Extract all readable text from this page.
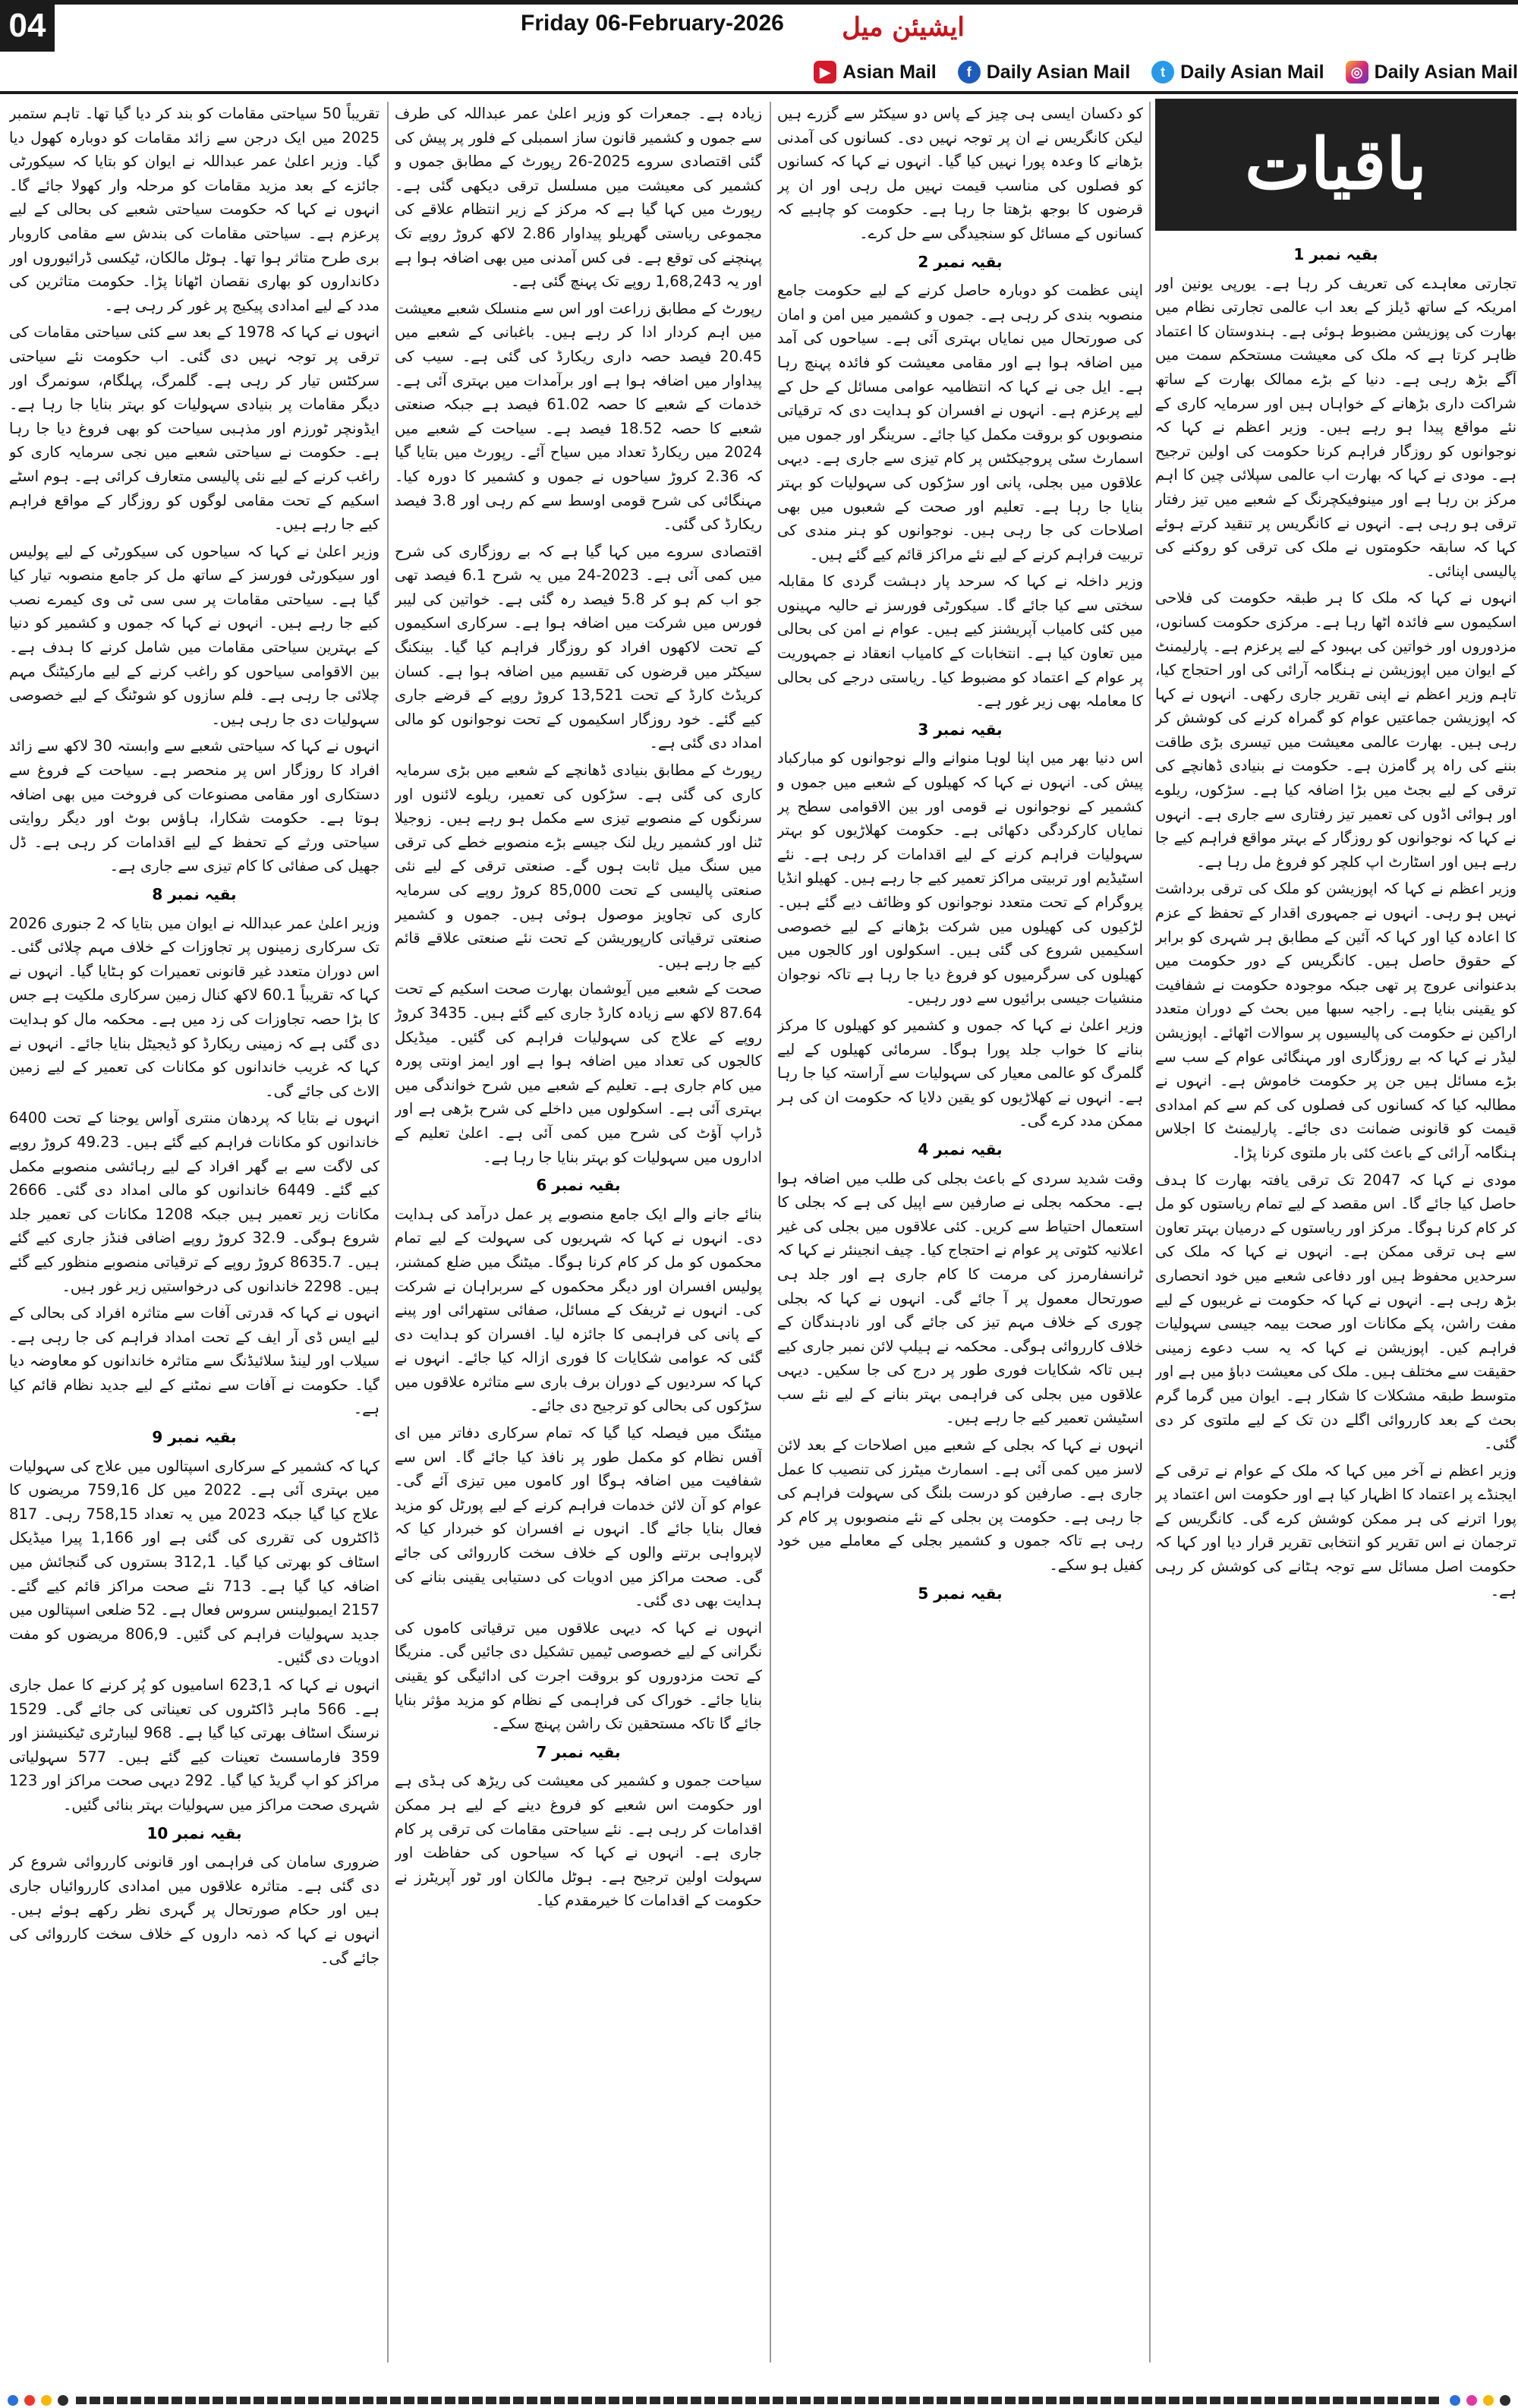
04	Friday 06-February-2026	ایشیئن میل
▶ Asian Mail	f Daily Asian Mail	t Daily Asian Mail	◎ Daily Asian Mail
باقیات
بقیہ نمبر 1

تجارتی معاہدے کی تعریف کر رہا ہے۔ یورپی یونین اور امریکہ کے ساتھ ڈیلز کے بعد اب عالمی تجارتی نظام میں بھارت کی پوزیشن مضبوط ہوئی ہے۔ ہندوستان کا اعتماد ظاہر کرتا ہے کہ ملک کی معیشت مستحکم سمت میں آگے بڑھ رہی ہے۔ دنیا کے بڑے ممالک بھارت کے ساتھ شراکت داری بڑھانے کے خواہاں ہیں اور سرمایہ کاری کے نئے مواقع پیدا ہو رہے ہیں۔ وزیر اعظم نے کہا کہ نوجوانوں کو روزگار فراہم کرنا حکومت کی اولین ترجیح ہے۔ مودی نے کہا کہ بھارت اب عالمی سپلائی چین کا اہم مرکز بن رہا ہے اور مینوفیکچرنگ کے شعبے میں تیز رفتار ترقی ہو رہی ہے۔ انہوں نے کانگریس پر تنقید کرتے ہوئے کہا کہ سابقہ حکومتوں نے ملک کی ترقی کو روکنے کی پالیسی اپنائی۔

انہوں نے کہا کہ ملک کا ہر طبقہ حکومت کی فلاحی اسکیموں سے فائدہ اٹھا رہا ہے۔ مرکزی حکومت کسانوں، مزدوروں اور خواتین کی بہبود کے لیے پرعزم ہے۔ پارلیمنٹ کے ایوان میں اپوزیشن نے ہنگامہ آرائی کی اور احتجاج کیا، تاہم وزیر اعظم نے اپنی تقریر جاری رکھی۔ انہوں نے کہا کہ اپوزیشن جماعتیں عوام کو گمراہ کرنے کی کوشش کر رہی ہیں۔ بھارت عالمی معیشت میں تیسری بڑی طاقت بننے کی راہ پر گامزن ہے۔ حکومت نے بنیادی ڈھانچے کی ترقی کے لیے بجٹ میں بڑا اضافہ کیا ہے۔ سڑکوں، ریلوے اور ہوائی اڈوں کی تعمیر تیز رفتاری سے جاری ہے۔ انہوں نے کہا کہ نوجوانوں کو روزگار کے بہتر مواقع فراہم کیے جا رہے ہیں اور اسٹارٹ اپ کلچر کو فروغ مل رہا ہے۔

وزیر اعظم نے کہا کہ اپوزیشن کو ملک کی ترقی برداشت نہیں ہو رہی۔ انہوں نے جمہوری اقدار کے تحفظ کے عزم کا اعادہ کیا اور کہا کہ آئین کے مطابق ہر شہری کو برابر کے حقوق حاصل ہیں۔ کانگریس کے دور حکومت میں بدعنوانی عروج پر تھی جبکہ موجودہ حکومت نے شفافیت کو یقینی بنایا ہے۔ راجیہ سبھا میں بحث کے دوران متعدد اراکین نے حکومت کی پالیسیوں پر سوالات اٹھائے۔ اپوزیشن لیڈر نے کہا کہ بے روزگاری اور مہنگائی عوام کے سب سے بڑے مسائل ہیں جن پر حکومت خاموش ہے۔ انہوں نے مطالبہ کیا کہ کسانوں کی فصلوں کی کم سے کم امدادی قیمت کو قانونی ضمانت دی جائے۔ پارلیمنٹ کا اجلاس ہنگامہ آرائی کے باعث کئی بار ملتوی کرنا پڑا۔

مودی نے کہا کہ 2047 تک ترقی یافتہ بھارت کا ہدف حاصل کیا جائے گا۔ اس مقصد کے لیے تمام ریاستوں کو مل کر کام کرنا ہوگا۔ مرکز اور ریاستوں کے درمیان بہتر تعاون سے ہی ترقی ممکن ہے۔ انہوں نے کہا کہ ملک کی سرحدیں محفوظ ہیں اور دفاعی شعبے میں خود انحصاری بڑھ رہی ہے۔ انہوں نے کہا کہ حکومت نے غریبوں کے لیے مفت راشن، پکے مکانات اور صحت بیمہ جیسی سہولیات فراہم کیں۔ اپوزیشن نے کہا کہ یہ سب دعوے زمینی حقیقت سے مختلف ہیں۔ ملک کی معیشت دباؤ میں ہے اور متوسط طبقہ مشکلات کا شکار ہے۔ ایوان میں گرما گرم بحث کے بعد کارروائی اگلے دن تک کے لیے ملتوی کر دی گئی۔

وزیر اعظم نے آخر میں کہا کہ ملک کے عوام نے ترقی کے ایجنڈے پر اعتماد کا اظہار کیا ہے اور حکومت اس اعتماد پر پورا اترنے کی ہر ممکن کوشش کرے گی۔ کانگریس کے ترجمان نے اس تقریر کو انتخابی تقریر قرار دیا اور کہا کہ حکومت اصل مسائل سے توجہ ہٹانے کی کوشش کر رہی ہے۔

کو دکسان ایسی ہی چیز کے پاس دو سیکٹر سے گزرے ہیں لیکن کانگریس نے ان پر توجہ نہیں دی۔ کسانوں کی آمدنی بڑھانے کا وعدہ پورا نہیں کیا گیا۔ انہوں نے کہا کہ کسانوں کو فصلوں کی مناسب قیمت نہیں مل رہی اور ان پر قرضوں کا بوجھ بڑھتا جا رہا ہے۔ حکومت کو چاہیے کہ کسانوں کے مسائل کو سنجیدگی سے حل کرے۔

بقیہ نمبر 2

اپنی عظمت کو دوبارہ حاصل کرنے کے لیے حکومت جامع منصوبہ بندی کر رہی ہے۔ جموں و کشمیر میں امن و امان کی صورتحال میں نمایاں بہتری آئی ہے۔ سیاحوں کی آمد میں اضافہ ہوا ہے اور مقامی معیشت کو فائدہ پہنچ رہا ہے۔ ایل جی نے کہا کہ انتظامیہ عوامی مسائل کے حل کے لیے پرعزم ہے۔ انہوں نے افسران کو ہدایت دی کہ ترقیاتی منصوبوں کو بروقت مکمل کیا جائے۔ سرینگر اور جموں میں اسمارٹ سٹی پروجیکٹس پر کام تیزی سے جاری ہے۔ دیہی علاقوں میں بجلی، پانی اور سڑکوں کی سہولیات کو بہتر بنایا جا رہا ہے۔ تعلیم اور صحت کے شعبوں میں بھی اصلاحات کی جا رہی ہیں۔ نوجوانوں کو ہنر مندی کی تربیت فراہم کرنے کے لیے نئے مراکز قائم کیے گئے ہیں۔

وزیر داخلہ نے کہا کہ سرحد پار دہشت گردی کا مقابلہ سختی سے کیا جائے گا۔ سیکورٹی فورسز نے حالیہ مہینوں میں کئی کامیاب آپریشنز کیے ہیں۔ عوام نے امن کی بحالی میں تعاون کیا ہے۔ انتخابات کے کامیاب انعقاد نے جمہوریت پر عوام کے اعتماد کو مضبوط کیا۔ ریاستی درجے کی بحالی کا معاملہ بھی زیر غور ہے۔

بقیہ نمبر 3

اس دنیا بھر میں اپنا لوہا منوانے والے نوجوانوں کو مبارکباد پیش کی۔ انہوں نے کہا کہ کھیلوں کے شعبے میں جموں و کشمیر کے نوجوانوں نے قومی اور بین الاقوامی سطح پر نمایاں کارکردگی دکھائی ہے۔ حکومت کھلاڑیوں کو بہتر سہولیات فراہم کرنے کے لیے اقدامات کر رہی ہے۔ نئے اسٹیڈیم اور تربیتی مراکز تعمیر کیے جا رہے ہیں۔ کھیلو انڈیا پروگرام کے تحت متعدد نوجوانوں کو وظائف دیے گئے ہیں۔ لڑکیوں کی کھیلوں میں شرکت بڑھانے کے لیے خصوصی اسکیمیں شروع کی گئی ہیں۔ اسکولوں اور کالجوں میں کھیلوں کی سرگرمیوں کو فروغ دیا جا رہا ہے تاکہ نوجوان منشیات جیسی برائیوں سے دور رہیں۔

وزیر اعلیٰ نے کہا کہ جموں و کشمیر کو کھیلوں کا مرکز بنانے کا خواب جلد پورا ہوگا۔ سرمائی کھیلوں کے لیے گلمرگ کو عالمی معیار کی سہولیات سے آراستہ کیا جا رہا ہے۔ انہوں نے کھلاڑیوں کو یقین دلایا کہ حکومت ان کی ہر ممکن مدد کرے گی۔

بقیہ نمبر 4

وقت شدید سردی کے باعث بجلی کی طلب میں اضافہ ہوا ہے۔ محکمہ بجلی نے صارفین سے اپیل کی ہے کہ بجلی کا استعمال احتیاط سے کریں۔ کئی علاقوں میں بجلی کی غیر اعلانیہ کٹوتی پر عوام نے احتجاج کیا۔ چیف انجینئر نے کہا کہ ٹرانسفارمرز کی مرمت کا کام جاری ہے اور جلد ہی صورتحال معمول پر آ جائے گی۔ انہوں نے کہا کہ بجلی چوری کے خلاف مہم تیز کی جائے گی اور نادہندگان کے خلاف کارروائی ہوگی۔ محکمہ نے ہیلپ لائن نمبر جاری کیے ہیں تاکہ شکایات فوری طور پر درج کی جا سکیں۔ دیہی علاقوں میں بجلی کی فراہمی بہتر بنانے کے لیے نئے سب اسٹیشن تعمیر کیے جا رہے ہیں۔

انہوں نے کہا کہ بجلی کے شعبے میں اصلاحات کے بعد لائن لاسز میں کمی آئی ہے۔ اسمارٹ میٹرز کی تنصیب کا عمل جاری ہے۔ صارفین کو درست بلنگ کی سہولت فراہم کی جا رہی ہے۔ حکومت پن بجلی کے نئے منصوبوں پر کام کر رہی ہے تاکہ جموں و کشمیر بجلی کے معاملے میں خود کفیل ہو سکے۔

بقیہ نمبر 5

زیادہ ہے۔ جمعرات کو وزیر اعلیٰ عمر عبداللہ کی طرف سے جموں و کشمیر قانون ساز اسمبلی کے فلور پر پیش کی گئی اقتصادی سروے 2025-26 رپورٹ کے مطابق جموں و کشمیر کی معیشت میں مسلسل ترقی دیکھی گئی ہے۔ رپورٹ میں کہا گیا ہے کہ مرکز کے زیر انتظام علاقے کی مجموعی ریاستی گھریلو پیداوار 2.86 لاکھ کروڑ روپے تک پہنچنے کی توقع ہے۔ فی کس آمدنی میں بھی اضافہ ہوا ہے اور یہ 1,68,243 روپے تک پہنچ گئی ہے۔

رپورٹ کے مطابق زراعت اور اس سے منسلک شعبے معیشت میں اہم کردار ادا کر رہے ہیں۔ باغبانی کے شعبے میں 20.45 فیصد حصہ داری ریکارڈ کی گئی ہے۔ سیب کی پیداوار میں اضافہ ہوا ہے اور برآمدات میں بہتری آئی ہے۔ خدمات کے شعبے کا حصہ 61.02 فیصد ہے جبکہ صنعتی شعبے کا حصہ 18.52 فیصد ہے۔ سیاحت کے شعبے میں 2024 میں ریکارڈ تعداد میں سیاح آئے۔ رپورٹ میں بتایا گیا کہ 2.36 کروڑ سیاحوں نے جموں و کشمیر کا دورہ کیا۔ مہنگائی کی شرح قومی اوسط سے کم رہی اور 3.8 فیصد ریکارڈ کی گئی۔

اقتصادی سروے میں کہا گیا ہے کہ بے روزگاری کی شرح میں کمی آئی ہے۔ 2023-24 میں یہ شرح 6.1 فیصد تھی جو اب کم ہو کر 5.8 فیصد رہ گئی ہے۔ خواتین کی لیبر فورس میں شرکت میں اضافہ ہوا ہے۔ سرکاری اسکیموں کے تحت لاکھوں افراد کو روزگار فراہم کیا گیا۔ بینکنگ سیکٹر میں قرضوں کی تقسیم میں اضافہ ہوا ہے۔ کسان کریڈٹ کارڈ کے تحت 13,521 کروڑ روپے کے قرضے جاری کیے گئے۔ خود روزگار اسکیموں کے تحت نوجوانوں کو مالی امداد دی گئی ہے۔

رپورٹ کے مطابق بنیادی ڈھانچے کے شعبے میں بڑی سرمایہ کاری کی گئی ہے۔ سڑکوں کی تعمیر، ریلوے لائنوں اور سرنگوں کے منصوبے تیزی سے مکمل ہو رہے ہیں۔ زوجیلا ٹنل اور کشمیر ریل لنک جیسے بڑے منصوبے خطے کی ترقی میں سنگ میل ثابت ہوں گے۔ صنعتی ترقی کے لیے نئی صنعتی پالیسی کے تحت 85,000 کروڑ روپے کی سرمایہ کاری کی تجاویز موصول ہوئی ہیں۔ جموں و کشمیر صنعتی ترقیاتی کارپوریشن کے تحت نئے صنعتی علاقے قائم کیے جا رہے ہیں۔

صحت کے شعبے میں آیوشمان بھارت صحت اسکیم کے تحت 87.64 لاکھ سے زیادہ کارڈ جاری کیے گئے ہیں۔ 3435 کروڑ روپے کے علاج کی سہولیات فراہم کی گئیں۔ میڈیکل کالجوں کی تعداد میں اضافہ ہوا ہے اور ایمز اونتی پورہ میں کام جاری ہے۔ تعلیم کے شعبے میں شرح خواندگی میں بہتری آئی ہے۔ اسکولوں میں داخلے کی شرح بڑھی ہے اور ڈراپ آؤٹ کی شرح میں کمی آئی ہے۔ اعلیٰ تعلیم کے اداروں میں سہولیات کو بہتر بنایا جا رہا ہے۔

بقیہ نمبر 6

بنائے جانے والے ایک جامع منصوبے پر عمل درآمد کی ہدایت دی۔ انہوں نے کہا کہ شہریوں کی سہولت کے لیے تمام محکموں کو مل کر کام کرنا ہوگا۔ میٹنگ میں ضلع کمشنر، پولیس افسران اور دیگر محکموں کے سربراہان نے شرکت کی۔ انہوں نے ٹریفک کے مسائل، صفائی ستھرائی اور پینے کے پانی کی فراہمی کا جائزہ لیا۔ افسران کو ہدایت دی گئی کہ عوامی شکایات کا فوری ازالہ کیا جائے۔ انہوں نے کہا کہ سردیوں کے دوران برف باری سے متاثرہ علاقوں میں سڑکوں کی بحالی کو ترجیح دی جائے۔

میٹنگ میں فیصلہ کیا گیا کہ تمام سرکاری دفاتر میں ای آفس نظام کو مکمل طور پر نافذ کیا جائے گا۔ اس سے شفافیت میں اضافہ ہوگا اور کاموں میں تیزی آئے گی۔ عوام کو آن لائن خدمات فراہم کرنے کے لیے پورٹل کو مزید فعال بنایا جائے گا۔ انہوں نے افسران کو خبردار کیا کہ لاپرواہی برتنے والوں کے خلاف سخت کارروائی کی جائے گی۔ صحت مراکز میں ادویات کی دستیابی یقینی بنانے کی ہدایت بھی دی گئی۔

انہوں نے کہا کہ دیہی علاقوں میں ترقیاتی کاموں کی نگرانی کے لیے خصوصی ٹیمیں تشکیل دی جائیں گی۔ منریگا کے تحت مزدوروں کو بروقت اجرت کی ادائیگی کو یقینی بنایا جائے۔ خوراک کی فراہمی کے نظام کو مزید مؤثر بنایا جائے گا تاکہ مستحقین تک راشن پہنچ سکے۔

بقیہ نمبر 7

سیاحت جموں و کشمیر کی معیشت کی ریڑھ کی ہڈی ہے اور حکومت اس شعبے کو فروغ دینے کے لیے ہر ممکن اقدامات کر رہی ہے۔ نئے سیاحتی مقامات کی ترقی پر کام جاری ہے۔ انہوں نے کہا کہ سیاحوں کی حفاظت اور سہولت اولین ترجیح ہے۔ ہوٹل مالکان اور ٹور آپریٹرز نے حکومت کے اقدامات کا خیرمقدم کیا۔

تقریباً 50 سیاحتی مقامات کو بند کر دیا گیا تھا۔ تاہم ستمبر 2025 میں ایک درجن سے زائد مقامات کو دوبارہ کھول دیا گیا۔ وزیر اعلیٰ عمر عبداللہ نے ایوان کو بتایا کہ سیکورٹی جائزے کے بعد مزید مقامات کو مرحلہ وار کھولا جائے گا۔ انہوں نے کہا کہ حکومت سیاحتی شعبے کی بحالی کے لیے پرعزم ہے۔ سیاحتی مقامات کی بندش سے مقامی کاروبار بری طرح متاثر ہوا تھا۔ ہوٹل مالکان، ٹیکسی ڈرائیوروں اور دکانداروں کو بھاری نقصان اٹھانا پڑا۔ حکومت متاثرین کی مدد کے لیے امدادی پیکیج پر غور کر رہی ہے۔

انہوں نے کہا کہ 1978 کے بعد سے کئی سیاحتی مقامات کی ترقی پر توجہ نہیں دی گئی۔ اب حکومت نئے سیاحتی سرکٹس تیار کر رہی ہے۔ گلمرگ، پہلگام، سونمرگ اور دیگر مقامات پر بنیادی سہولیات کو بہتر بنایا جا رہا ہے۔ ایڈونچر ٹورزم اور مذہبی سیاحت کو بھی فروغ دیا جا رہا ہے۔ حکومت نے سیاحتی شعبے میں نجی سرمایہ کاری کو راغب کرنے کے لیے نئی پالیسی متعارف کرائی ہے۔ ہوم اسٹے اسکیم کے تحت مقامی لوگوں کو روزگار کے مواقع فراہم کیے جا رہے ہیں۔

وزیر اعلیٰ نے کہا کہ سیاحوں کی سیکورٹی کے لیے پولیس اور سیکورٹی فورسز کے ساتھ مل کر جامع منصوبہ تیار کیا گیا ہے۔ سیاحتی مقامات پر سی سی ٹی وی کیمرے نصب کیے جا رہے ہیں۔ انہوں نے کہا کہ جموں و کشمیر کو دنیا کے بہترین سیاحتی مقامات میں شامل کرنے کا ہدف ہے۔ بین الاقوامی سیاحوں کو راغب کرنے کے لیے مارکیٹنگ مہم چلائی جا رہی ہے۔ فلم سازوں کو شوٹنگ کے لیے خصوصی سہولیات دی جا رہی ہیں۔

انہوں نے کہا کہ سیاحتی شعبے سے وابستہ 30 لاکھ سے زائد افراد کا روزگار اس پر منحصر ہے۔ سیاحت کے فروغ سے دستکاری اور مقامی مصنوعات کی فروخت میں بھی اضافہ ہوتا ہے۔ حکومت شکارا، ہاؤس بوٹ اور دیگر روایتی سیاحتی ورثے کے تحفظ کے لیے اقدامات کر رہی ہے۔ ڈل جھیل کی صفائی کا کام تیزی سے جاری ہے۔

بقیہ نمبر 8

وزیر اعلیٰ عمر عبداللہ نے ایوان میں بتایا کہ 2 جنوری 2026 تک سرکاری زمینوں پر تجاوزات کے خلاف مہم چلائی گئی۔ اس دوران متعدد غیر قانونی تعمیرات کو ہٹایا گیا۔ انہوں نے کہا کہ تقریباً 60.1 لاکھ کنال زمین سرکاری ملکیت ہے جس کا بڑا حصہ تجاوزات کی زد میں ہے۔ محکمہ مال کو ہدایت دی گئی ہے کہ زمینی ریکارڈ کو ڈیجیٹل بنایا جائے۔ انہوں نے کہا کہ غریب خاندانوں کو مکانات کی تعمیر کے لیے زمین الاٹ کی جائے گی۔

انہوں نے بتایا کہ پردھان منتری آواس یوجنا کے تحت 6400 خاندانوں کو مکانات فراہم کیے گئے ہیں۔ 49.23 کروڑ روپے کی لاگت سے بے گھر افراد کے لیے رہائشی منصوبے مکمل کیے گئے۔ 6449 خاندانوں کو مالی امداد دی گئی۔ 2666 مکانات زیر تعمیر ہیں جبکہ 1208 مکانات کی تعمیر جلد شروع ہوگی۔ 32.9 کروڑ روپے اضافی فنڈز جاری کیے گئے ہیں۔ 8635.7 کروڑ روپے کے ترقیاتی منصوبے منظور کیے گئے ہیں۔ 2298 خاندانوں کی درخواستیں زیر غور ہیں۔

انہوں نے کہا کہ قدرتی آفات سے متاثرہ افراد کی بحالی کے لیے ایس ڈی آر ایف کے تحت امداد فراہم کی جا رہی ہے۔ سیلاب اور لینڈ سلائیڈنگ سے متاثرہ خاندانوں کو معاوضہ دیا گیا۔ حکومت نے آفات سے نمٹنے کے لیے جدید نظام قائم کیا ہے۔

بقیہ نمبر 9

کہا کہ کشمیر کے سرکاری اسپتالوں میں علاج کی سہولیات میں بہتری آئی ہے۔ 2022 میں کل 759,16 مریضوں کا علاج کیا گیا جبکہ 2023 میں یہ تعداد 758,15 رہی۔ 817 ڈاکٹروں کی تقرری کی گئی ہے اور 1,166 پیرا میڈیکل اسٹاف کو بھرتی کیا گیا۔ 312,1 بستروں کی گنجائش میں اضافہ کیا گیا ہے۔ 713 نئے صحت مراکز قائم کیے گئے۔ 2157 ایمبولینس سروس فعال ہے۔ 52 ضلعی اسپتالوں میں جدید سہولیات فراہم کی گئیں۔ 806,9 مریضوں کو مفت ادویات دی گئیں۔

انہوں نے کہا کہ 623,1 اسامیوں کو پُر کرنے کا عمل جاری ہے۔ 566 ماہر ڈاکٹروں کی تعیناتی کی جائے گی۔ 1529 نرسنگ اسٹاف بھرتی کیا گیا ہے۔ 968 لیبارٹری ٹیکنیشنز اور 359 فارماسسٹ تعینات کیے گئے ہیں۔ 577 سہولیاتی مراکز کو اپ گریڈ کیا گیا۔ 292 دیہی صحت مراکز اور 123 شہری صحت مراکز میں سہولیات بہتر بنائی گئیں۔

بقیہ نمبر 10

ضروری سامان کی فراہمی اور قانونی کارروائی شروع کر دی گئی ہے۔ متاثرہ علاقوں میں امدادی کارروائیاں جاری ہیں اور حکام صورتحال پر گہری نظر رکھے ہوئے ہیں۔ انہوں نے کہا کہ ذمہ داروں کے خلاف سخت کارروائی کی جائے گی۔
